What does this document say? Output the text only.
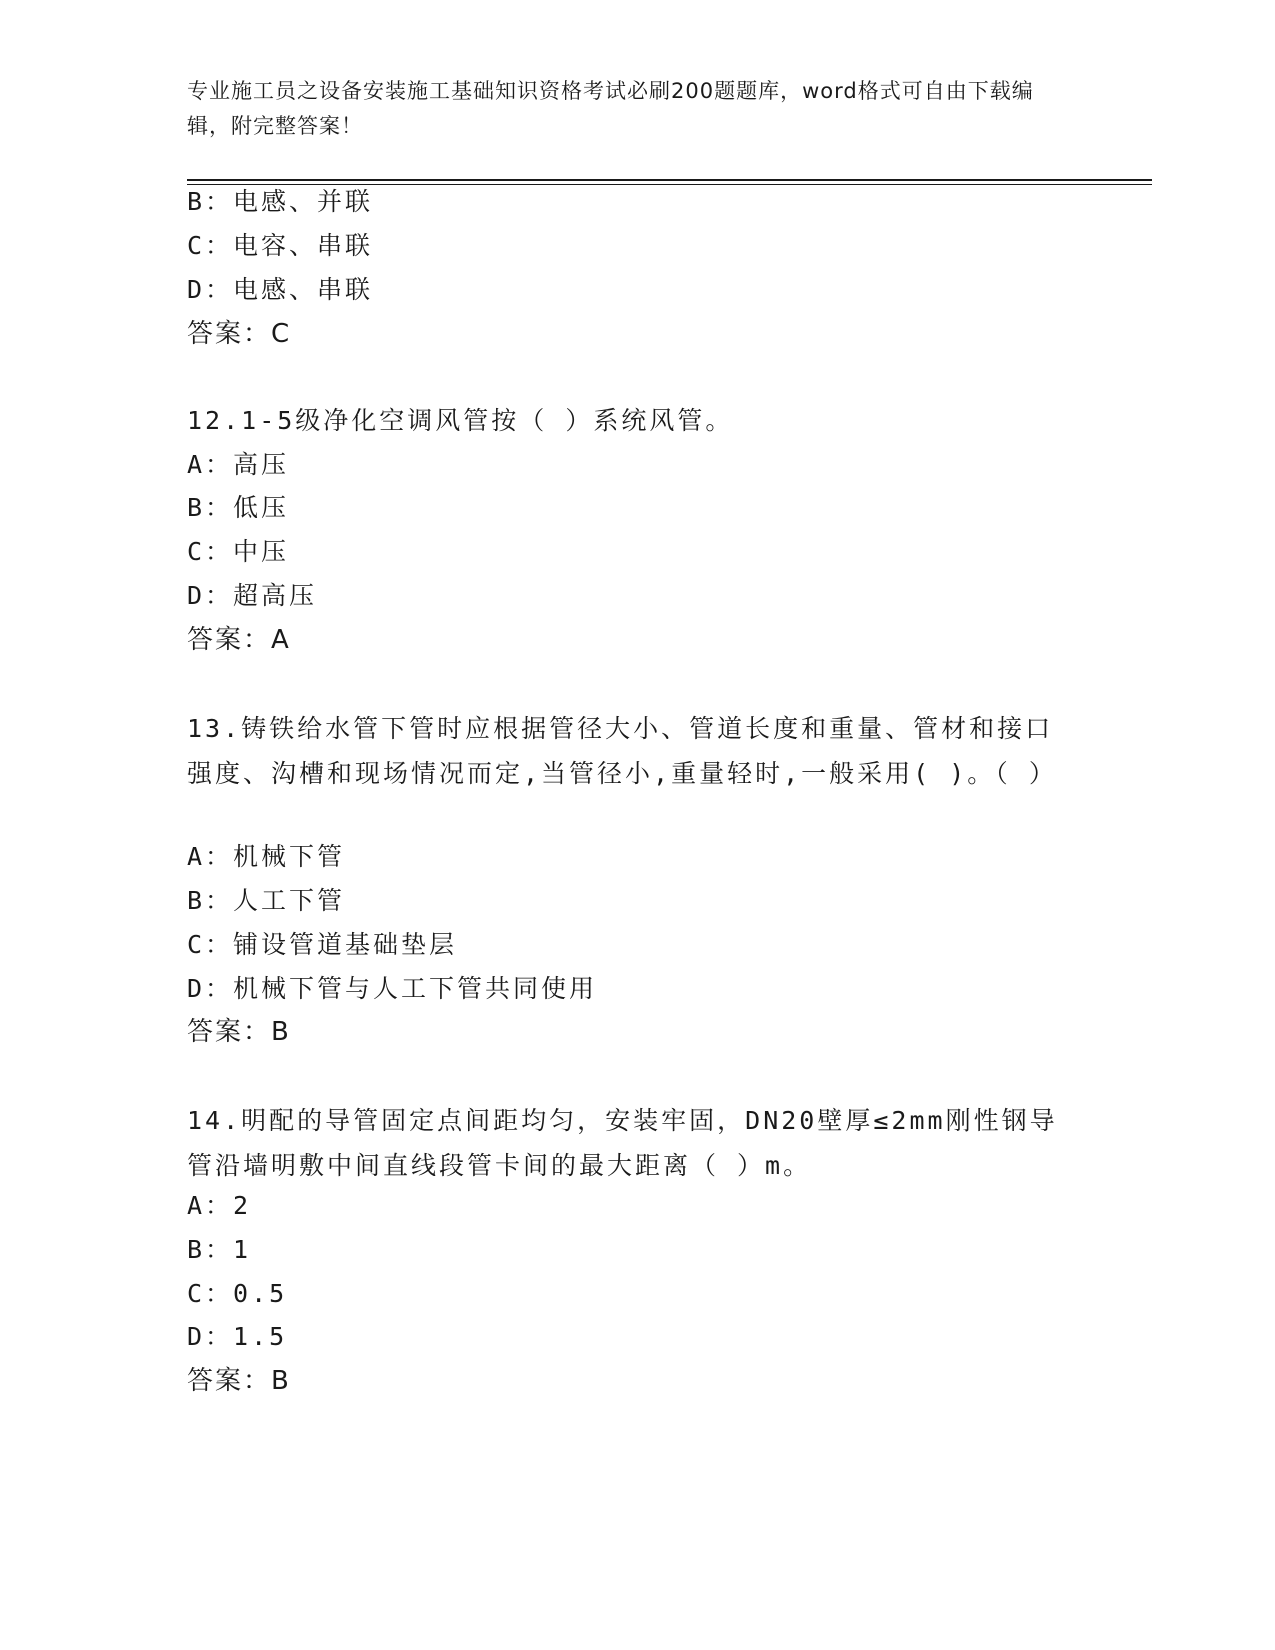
专业施工员之设备安装施工基础知识资格考试必刷200题题库，word格式可自由下载编辑，附完整答案！
B：电感、并联
C：电容、串联
D：电感、串联
答案：C
12.1-5级净化空调风管按（ ）系统风管。
A：高压
B：低压
C：中压
D：超高压
答案：A
13.铸铁给水管下管时应根据管径大小、管道长度和重量、管材和接口强度、沟槽和现场情况而定,当管径小,重量轻时,一般采用( )。（ ）
A：机械下管
B：人工下管
C：铺设管道基础垫层
D：机械下管与人工下管共同使用
答案：B
14.明配的导管固定点间距均匀，安装牢固，DN20壁厚≤2mm刚性钢导管沿墙明敷中间直线段管卡间的最大距离（ ）m。
A：2
B：1
C：0.5
D：1.5
答案：B
